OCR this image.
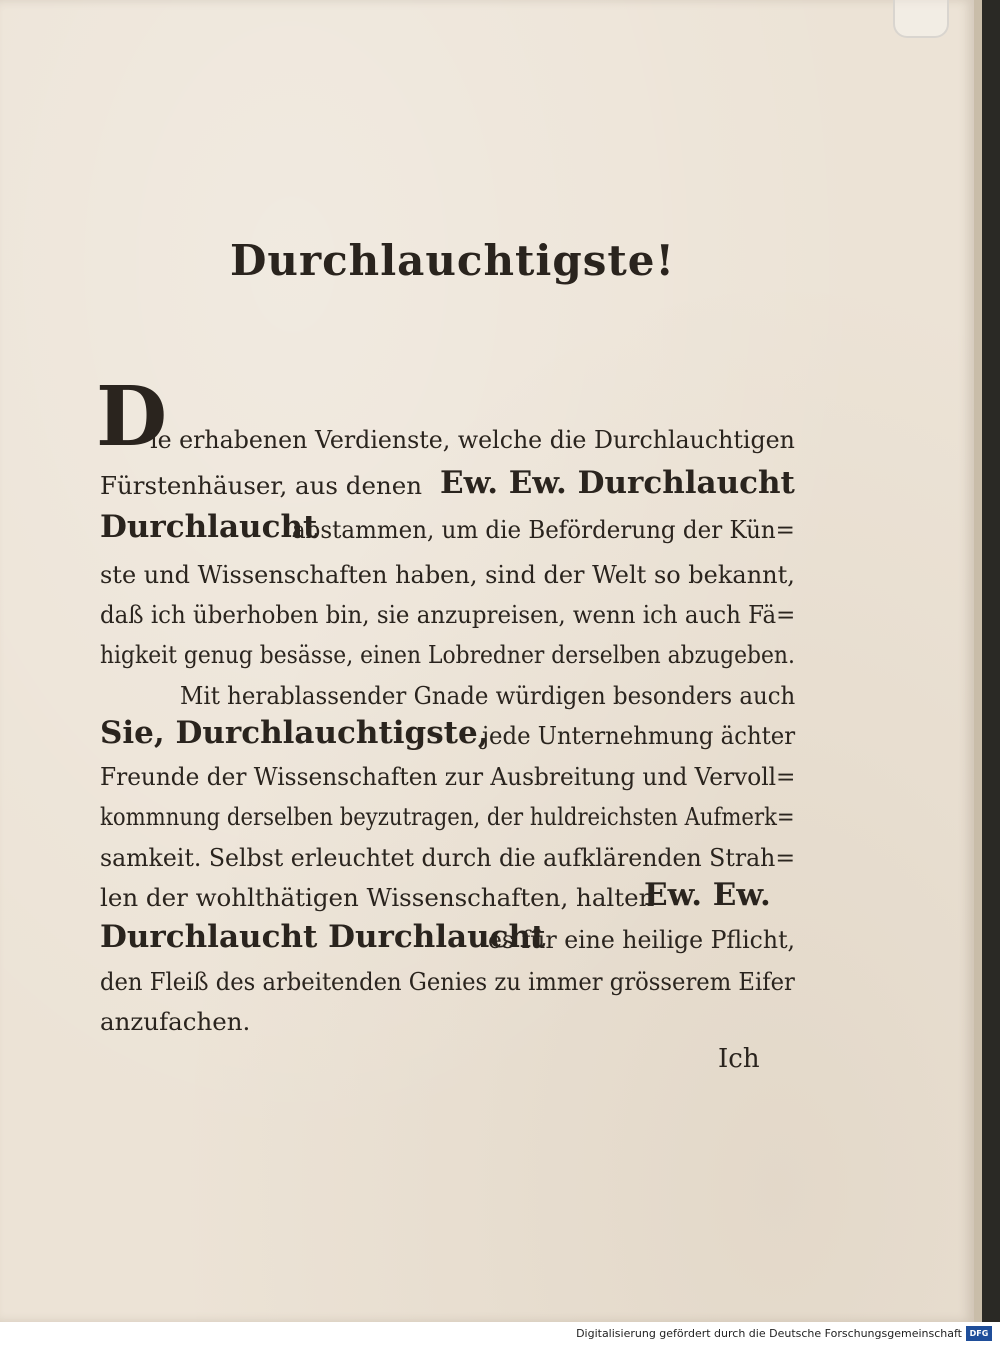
Durchlauchtigste!
D
ie erhabenen Verdienste, welche die Durchlauchtigen
Fürstenhäuser, aus denen Ew. Ew. Durchlaucht
Durchlaucht
abstammen, um die Beförderung der Kün=
ste und Wissenschaften haben, sind der Welt so bekannt,
daß ich überhoben bin, sie anzupreisen, wenn ich auch Fä=
higkeit genug besässe, einen Lobredner derselben abzugeben.
Mit herablassender Gnade würdigen besonders auch
Sie, Durchlauchtigste,
jede Unternehmung ächter
Freunde der Wissenschaften zur Ausbreitung und Vervoll=
kommnung derselben beyzutragen, der huldreichsten Aufmerk=
samkeit. Selbst erleuchtet durch die aufklärenden Strah=
len der wohlthätigen Wissenschaften, halten
Ew. Ew.
Durchlaucht Durchlaucht
es für eine heilige Pflicht,
den Fleiß des arbeitenden Genies zu immer grösserem Eifer
anzufachen.
Ich
Digitalisierung gefördert durch die Deutsche Forschungsgemeinschaft DFG
